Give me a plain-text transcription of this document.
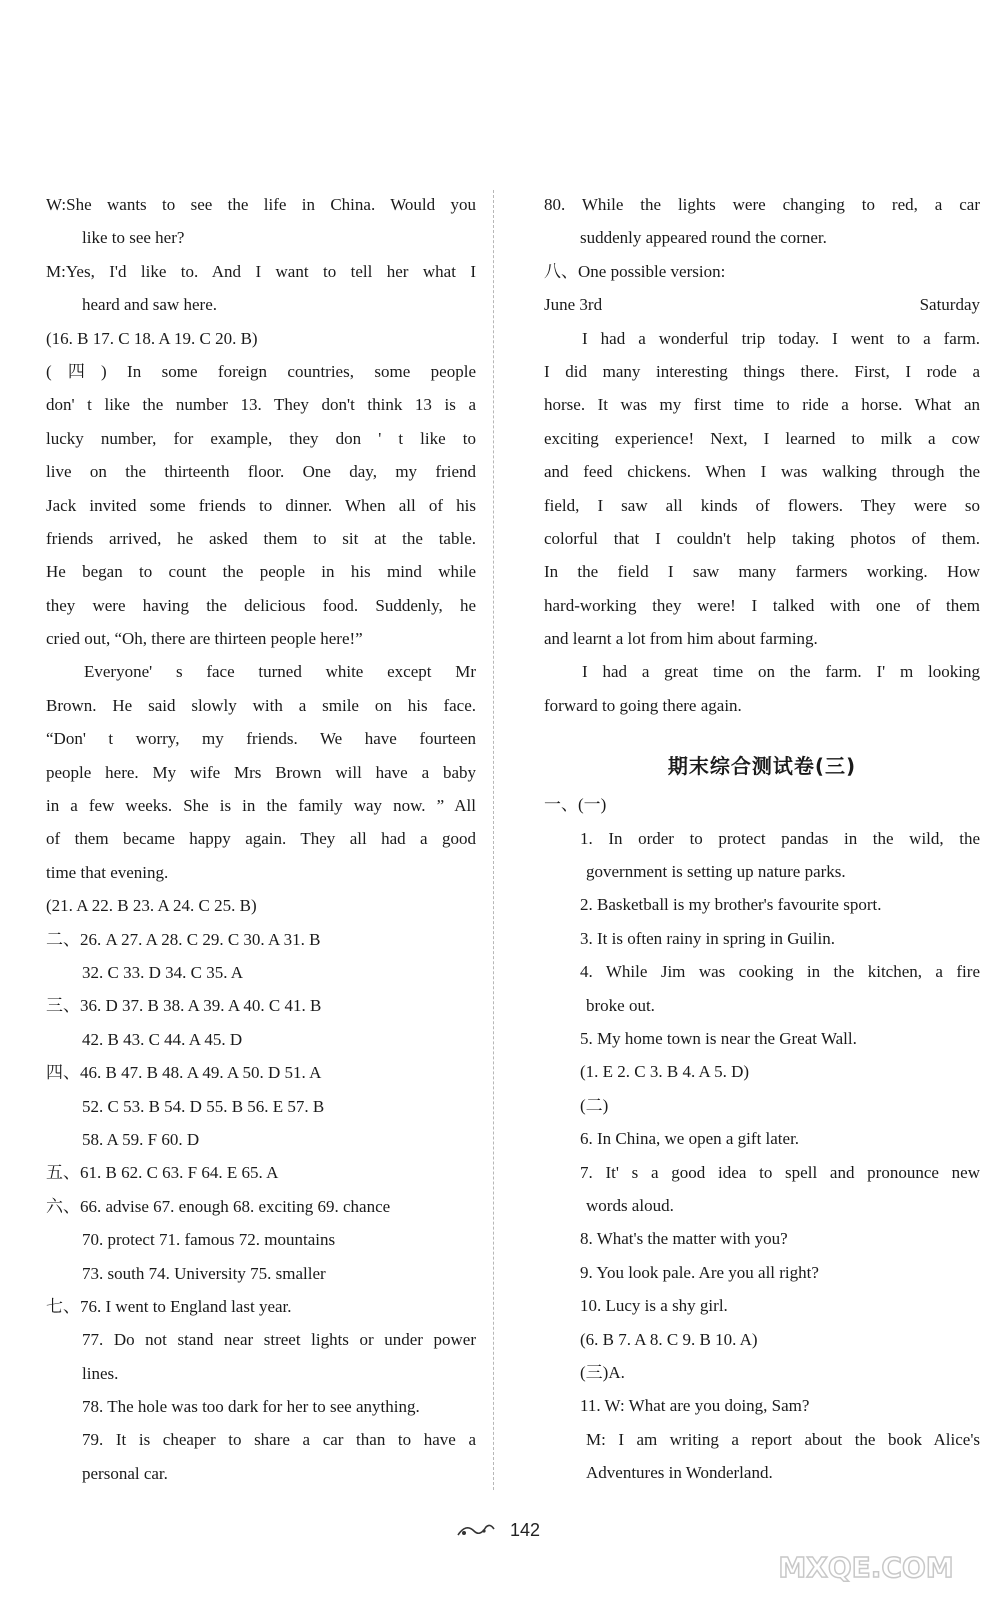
W:She wants to see the life in China. Would you
like to see her?
M:Yes, I'd like to. And I want to tell her what I
heard and saw here.
(16. B 17. C 18. A 19. C 20. B)
(四) In some foreign countries, some people
don' t like the number 13. They don't think 13 is a
lucky number, for example, they don ' t like to
live on the thirteenth floor. One day, my friend
Jack invited some friends to dinner. When all of his
friends arrived, he asked them to sit at the table.
He began to count the people in his mind while
they were having the delicious food. Suddenly, he
cried out, “Oh, there are thirteen people here!”
Everyone' s face turned white except Mr
Brown. He said slowly with a smile on his face.
“Don' t worry, my friends. We have fourteen
people here. My wife Mrs Brown will have a baby
in a few weeks. She is in the family way now. ” All
of them became happy again. They all had a good
time that evening.
(21. A 22. B 23. A 24. C 25. B)
二、26. A 27. A 28. C 29. C 30. A 31. B
32. C 33. D 34. C 35. A
三、36. D 37. B 38. A 39. A 40. C 41. B
42. B 43. C 44. A 45. D
四、46. B 47. B 48. A 49. A 50. D 51. A
52. C 53. B 54. D 55. B 56. E 57. B
58. A 59. F 60. D
五、61. B 62. C 63. F 64. E 65. A
六、66. advise 67. enough 68. exciting 69. chance
70. protect 71. famous 72. mountains
73. south 74. University 75. smaller
七、76. I went to England last year.
77. Do not stand near street lights or under power
lines.
78. The hole was too dark for her to see anything.
79. It is cheaper to share a car than to have a
personal car.
80. While the lights were changing to red, a car
suddenly appeared round the corner.
八、One possible version:
June 3rd	Saturday
I had a wonderful trip today. I went to a farm.
I did many interesting things there. First, I rode a
horse. It was my first time to ride a horse. What an
exciting experience! Next, I learned to milk a cow
and feed chickens. When I was walking through the
field, I saw all kinds of flowers. They were so
colorful that I couldn't help taking photos of them.
In the field I saw many farmers working. How
hard-working they were! I talked with one of them
and learnt a lot from him about farming.
I had a great time on the farm. I' m looking
forward to going there again.
期末综合测试卷(三)
一、(一)
1. In order to protect pandas in the wild, the
government is setting up nature parks.
2. Basketball is my brother's favourite sport.
3. It is often rainy in spring in Guilin.
4. While Jim was cooking in the kitchen, a fire
broke out.
5. My home town is near the Great Wall.
(1. E 2. C 3. B 4. A 5. D)
(二)
6. In China, we open a gift later.
7. It' s a good idea to spell and pronounce new
words aloud.
8. What's the matter with you?
9. You look pale. Are you all right?
10. Lucy is a shy girl.
(6. B 7. A 8. C 9. B 10. A)
(三)A.
11. W: What are you doing, Sam?
M: I am writing a report about the book Alice's
Adventures in Wonderland.
142
MXQE.COM
